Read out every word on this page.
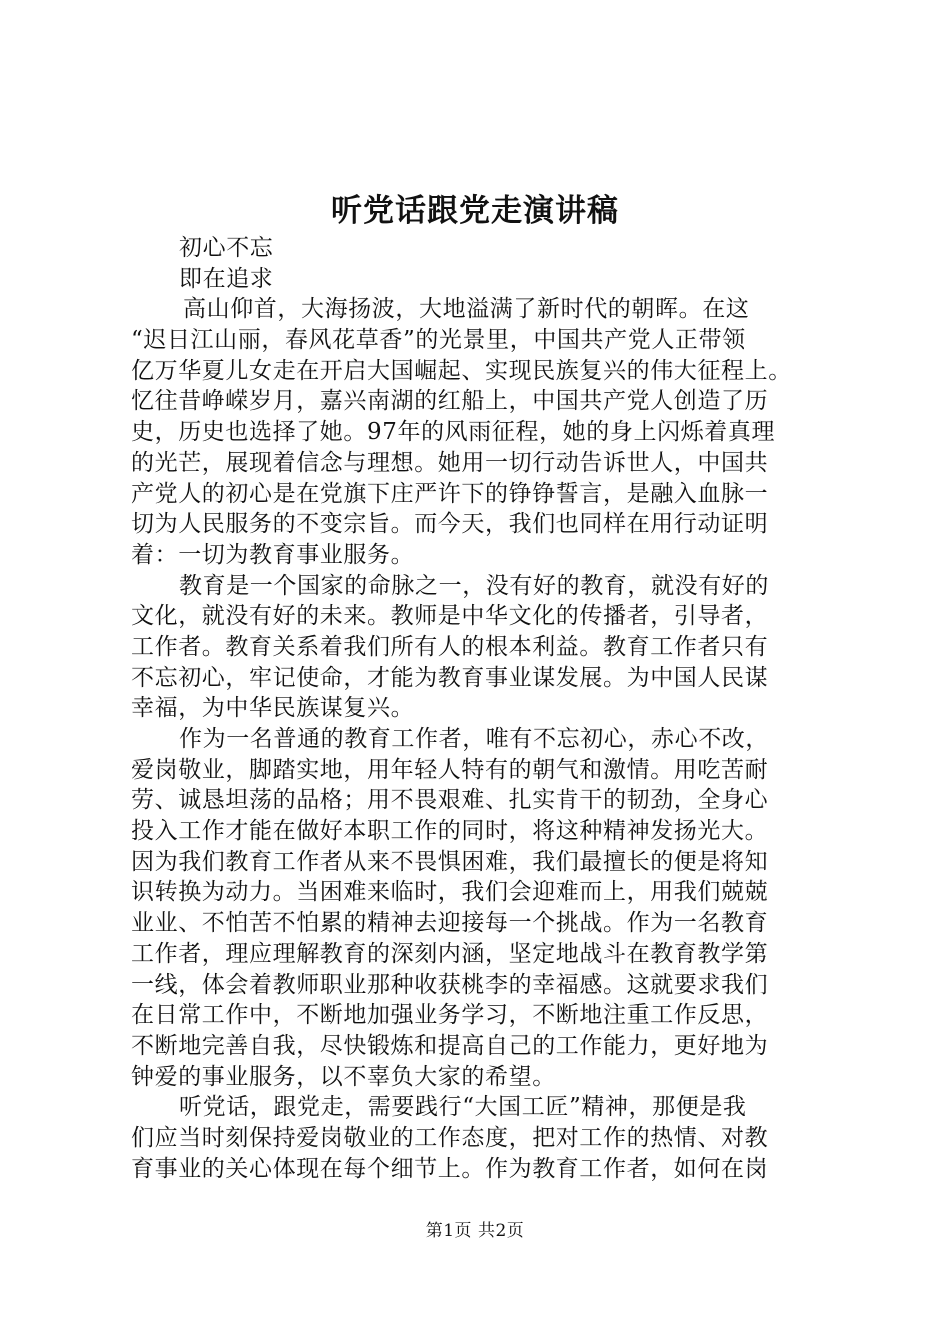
听党话跟党走演讲稿
初心不忘
即在追求
高山仰首，大海扬波，大地溢满了新时代的朝晖。在这
“迟日江山丽，春风花草香”的光景里，中国共产党人正带领
亿万华夏儿女走在开启大国崛起、实现民族复兴的伟大征程上。
忆往昔峥嵘岁月，嘉兴南湖的红船上，中国共产党人创造了历
史，历史也选择了她。97年的风雨征程，她的身上闪烁着真理
的光芒，展现着信念与理想。她用一切行动告诉世人，中国共
产党人的初心是在党旗下庄严许下的铮铮誓言，是融入血脉一
切为人民服务的不变宗旨。而今天，我们也同样在用行动证明
着：一切为教育事业服务。
教育是一个国家的命脉之一，没有好的教育，就没有好的
文化，就没有好的未来。教师是中华文化的传播者，引导者，
工作者。教育关系着我们所有人的根本利益。教育工作者只有
不忘初心，牢记使命，才能为教育事业谋发展。为中国人民谋
幸福，为中华民族谋复兴。
作为一名普通的教育工作者，唯有不忘初心，赤心不改，
爱岗敬业，脚踏实地，用年轻人特有的朝气和激情。用吃苦耐
劳、诚恳坦荡的品格；用不畏艰难、扎实肯干的韧劲，全身心
投入工作才能在做好本职工作的同时，将这种精神发扬光大。
因为我们教育工作者从来不畏惧困难，我们最擅长的便是将知
识转换为动力。当困难来临时，我们会迎难而上，用我们兢兢
业业、不怕苦不怕累的精神去迎接每一个挑战。作为一名教育
工作者，理应理解教育的深刻内涵，坚定地战斗在教育教学第
一线，体会着教师职业那种收获桃李的幸福感。这就要求我们
在日常工作中，不断地加强业务学习，不断地注重工作反思，
不断地完善自我，尽快锻炼和提高自己的工作能力，更好地为
钟爱的事业服务，以不辜负大家的希望。
听党话，跟党走，需要践行“大国工匠”精神，那便是我
们应当时刻保持爱岗敬业的工作态度，把对工作的热情、对教
育事业的关心体现在每个细节上。作为教育工作者，如何在岗
第1页 共2页
